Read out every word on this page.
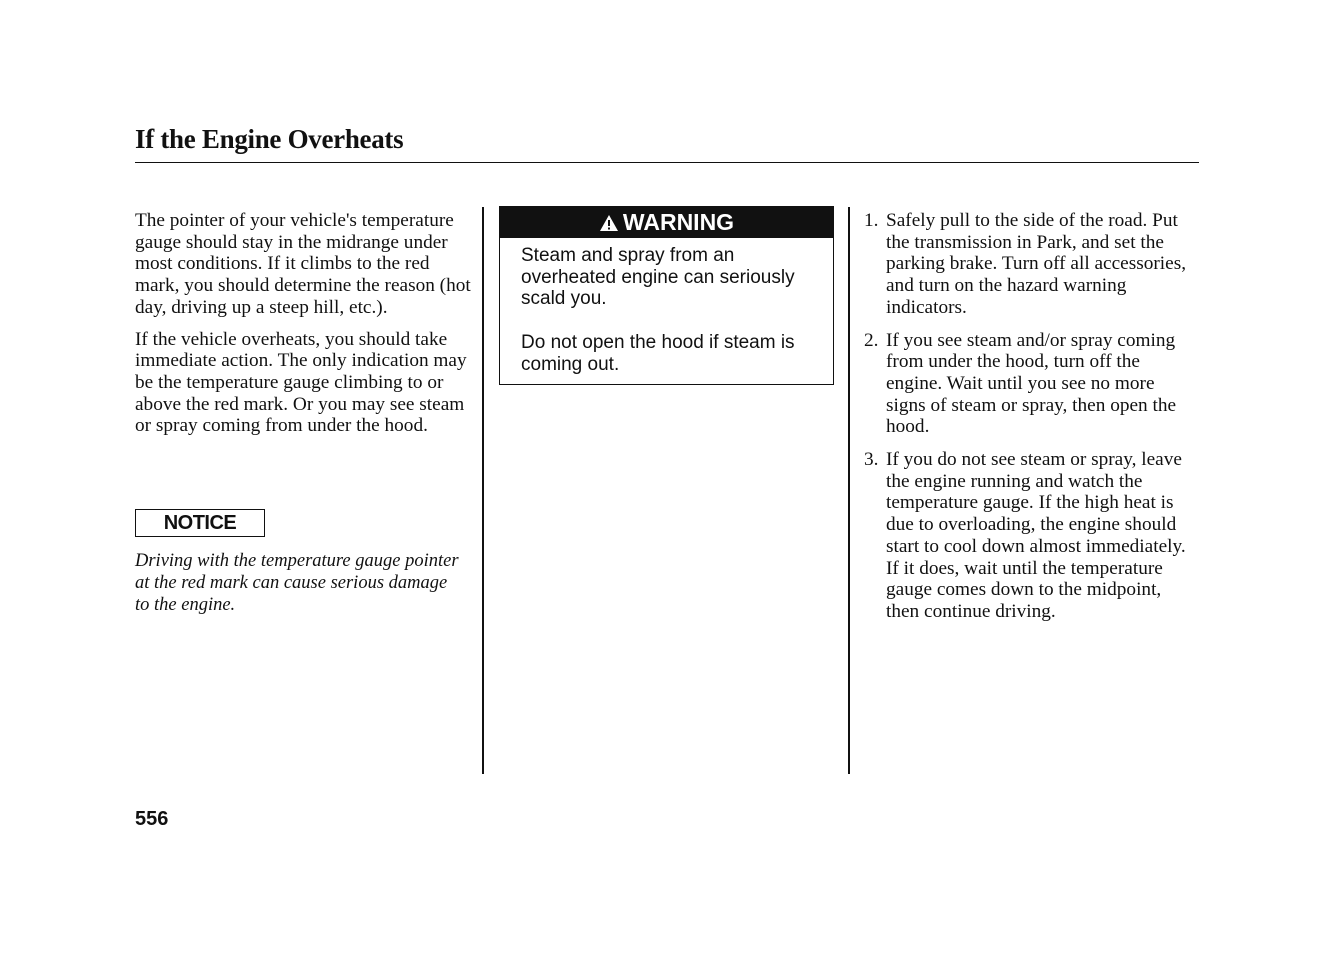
If the Engine Overheats

The pointer of your vehicle's temperature gauge should stay in the midrange under most conditions. If it climbs to the red mark, you should determine the reason (hot day, driving up a steep hill, etc.).

If the vehicle overheats, you should take immediate action. The only indication may be the temperature gauge climbing to or above the red mark. Or you may see steam or spray coming from under the hood.

NOTICE
Driving with the temperature gauge pointer at the red mark can cause serious damage to the engine.
WARNING

Steam and spray from an overheated engine can seriously scald you.

Do not open the hood if steam is coming out.

1. Safely pull to the side of the road. Put the transmission in Park, and set the parking brake. Turn off all accessories, and turn on the hazard warning indicators.
2. If you see steam and/or spray coming from under the hood, turn off the engine. Wait until you see no more signs of steam or spray, then open the hood.
3. If you do not see steam or spray, leave the engine running and watch the temperature gauge. If the high heat is due to overloading, the engine should start to cool down almost immediately. If it does, wait until the temperature gauge comes down to the midpoint, then continue driving.
556
